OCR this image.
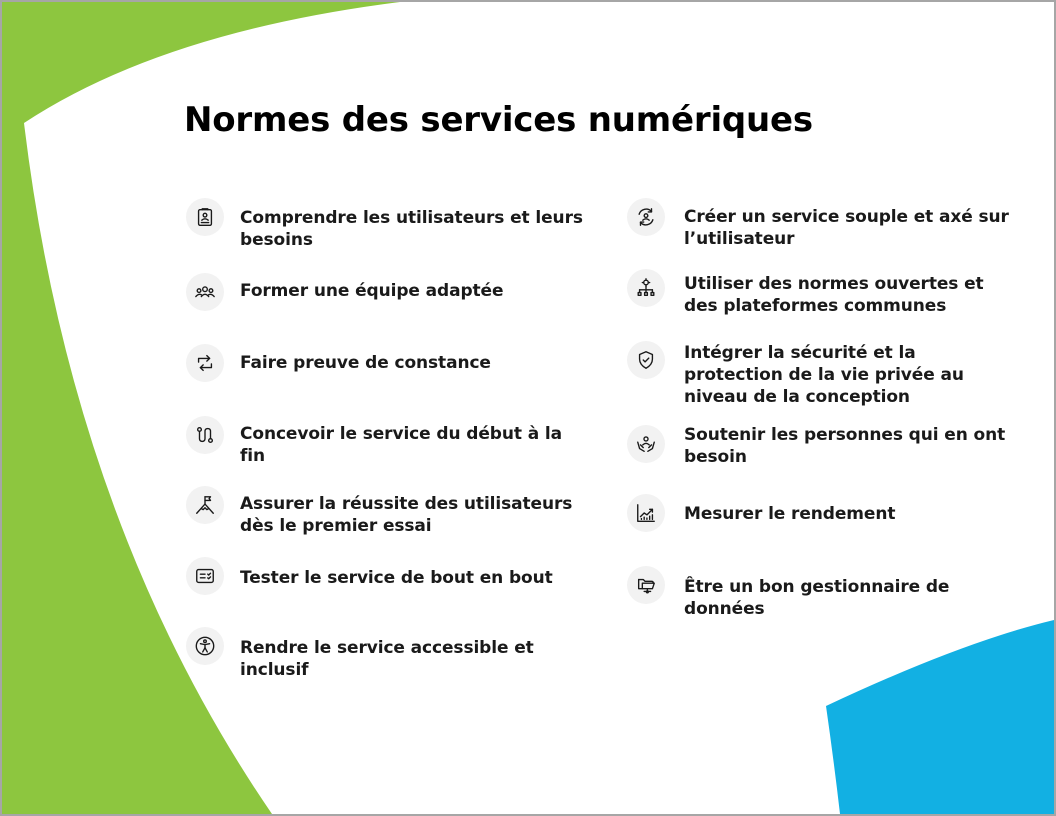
Normes des services numériques
Comprendre les utilisateurs et leurs besoins
Former une équipe adaptée
Faire preuve de constance
Concevoir le service du début à la fin
Assurer la réussite des utilisateurs dès le premier essai
Tester le service de bout en bout
Rendre le service accessible et inclusif
Créer un service souple et axé sur l’utilisateur
Utiliser des normes ouvertes et des plateformes communes
Intégrer la sécurité et la protection de la vie privée au niveau de la conception
Soutenir les personnes qui en ont besoin
Mesurer le rendement
Être un bon gestionnaire de données
